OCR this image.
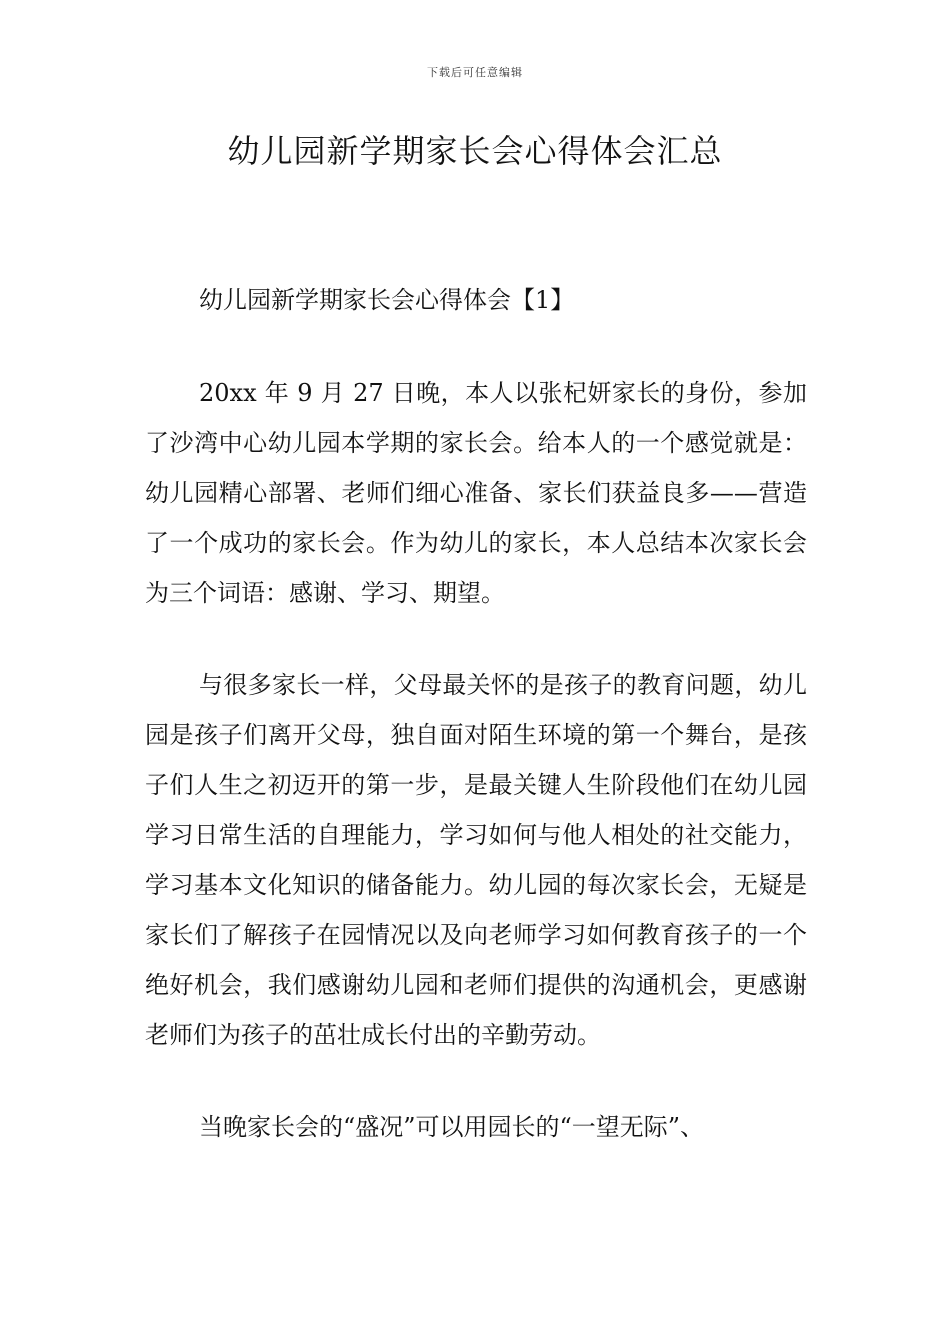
下载后可任意编辑
幼儿园新学期家长会心得体会汇总

幼儿园新学期家长会心得体会【1】

20xx 年 9 月 27 日晚，本人以张杞妍家长的身份，参加了沙湾中心幼儿园本学期的家长会。给本人的一个感觉就是：幼儿园精心部署、老师们细心准备、家长们获益良多——营造了一个成功的家长会。作为幼儿的家长，本人总结本次家长会为三个词语：感谢、学习、期望。

与很多家长一样，父母最关怀的是孩子的教育问题，幼儿园是孩子们离开父母，独自面对陌生环境的第一个舞台，是孩子们人生之初迈开的第一步，是最关键人生阶段他们在幼儿园学习日常生活的自理能力，学习如何与他人相处的社交能力，学习基本文化知识的储备能力。幼儿园的每次家长会，无疑是家长们了解孩子在园情况以及向老师学习如何教育孩子的一个绝好机会，我们感谢幼儿园和老师们提供的沟通机会，更感谢老师们为孩子的茁壮成长付出的辛勤劳动。

当晚家长会的“盛况”可以用园长的“一望无际”、
